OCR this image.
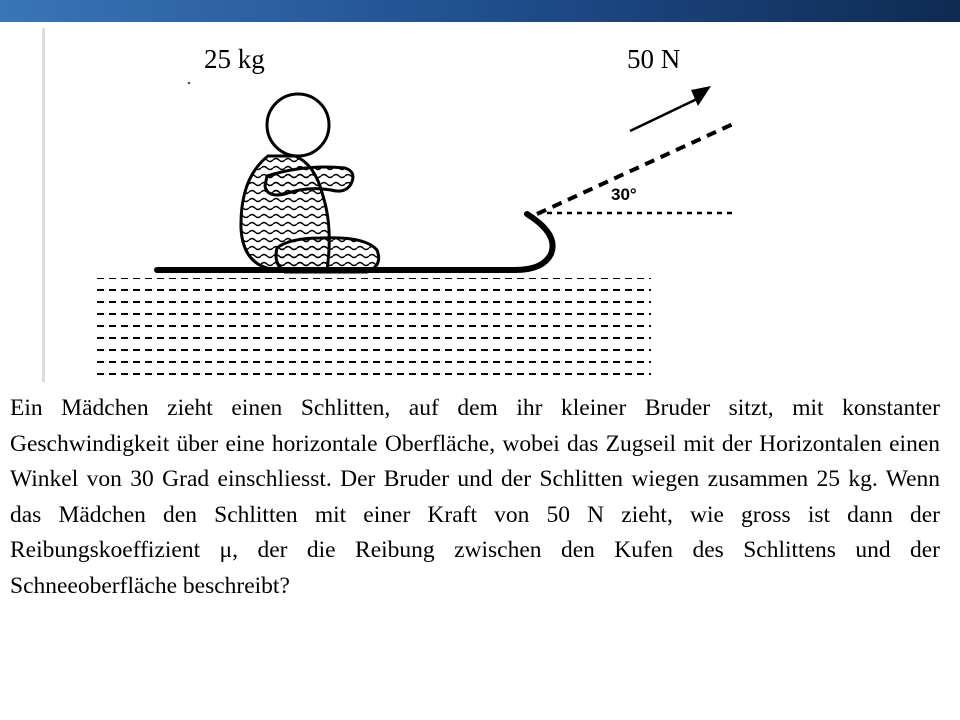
30°
25 kg	50 N
Ein Mädchen zieht einen Schlitten, auf dem ihr kleiner Bruder sitzt, mit konstanter Geschwindigkeit über eine horizontale Oberfläche, wobei das Zugseil mit der Horizontalen einen Winkel von 30 Grad einschliesst. Der Bruder und der Schlitten wiegen zusammen 25 kg. Wenn das Mädchen den Schlitten mit einer Kraft von 50 N zieht, wie gross ist dann der Reibungskoeffizient μ, der die Reibung zwischen den Kufen des Schlittens und der Schneeoberfläche beschreibt?
